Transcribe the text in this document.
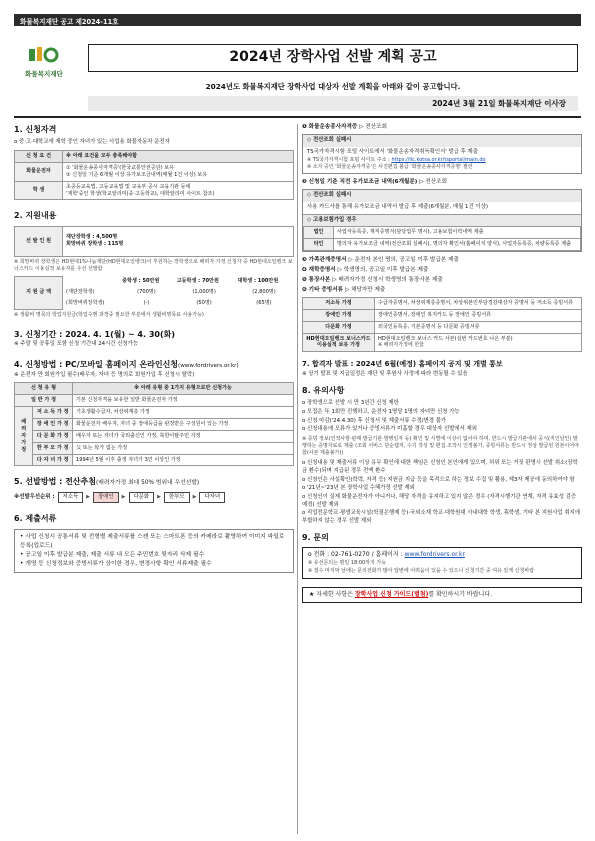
화물복지재단 공고 제2024-11호
화물복지재단
2024년 장학사업 선발 계획 공고
2024년도 화물복지재단 장학사업 대상자 선발 계획을 아래와 같이 공고합니다.
2024년 3월 21일 화물복지재단 이사장
1. 신청자격
o 중·고·대학교에 재학 중인 자녀가 있는 사업용 화물자동차 운전자
신 청 요 건	※ 아래 요건을 모두 충족해야함
화물운전자	① '화물운송종사자격증'(한국교통안전공단) 보유
② 신청일 기준 6개월 이상 유가보조금내역(매월 1건 이상) 보유

학 생	초중등교육법, 고등교육법 및 교육부 공시 교육기관 등에
'재학'중인 학생(학교알리미(중·고등학교), 대학알리미 사이트 참조)
2. 지원내용
선 발 인 원	
재단장학생 : 4,500명
희망바퀴 장학생 : 115명
※ 희망바퀴 장학생은 HD현대1%나눔재단(HD현대오일뱅크)이 후원하는 장학생으로 배려자 가정 신청자 중 HD현대오일뱅크 보너스카드 이용실적 보유자를 우선 선발함
지 원 금 액		중학생 : 50만원	고등학생 : 70만원	대학생 : 100만원
	(재단장학생)	(700명)	(1,000명)	(2,800명)
	(희망바퀴장학생)	(-)	(50명)	(65명)
※ 생활비 명목의 학업지원금(학업수행 과정중 필요한 부분에서 생활비명목료 사용가능)
3. 신청기간 : 2024. 4. 1(월) ~ 4. 30(화)
※ 주말 및 공휴일 포함 신청 기간내 24시간 신청가능
4. 신청방법 : PC/모바일 홈페이지 온라인신청(www.fordrivers.or.kr)
※ 운전자 만 회원가입 필수(배우자, 자녀 등 명의로 회원가입 후 신청시 탈락)
신 청 유 형		※ 아래 유형 중 1가지 유형으로만 신청가능
일 반 가 정		기본 신청자격을 보유한 일반 화물운전자 가정
배 려 자 가 정	저 소 득 가 정	기초생활수급자, 차상위계층 가정
	장 애 인 가 정	화물운전자 배우자, 자녀 중 장애등급을 판정받은 구성원이 있는 가정
	다 문 화 가 정	배우자 또는 자녀가 국외출신인 가정, 북한이탈주민 가정
	한 부 모 가 정	父 또는 母가 없는 가정
	다 자 녀 가 정	1994년 5월 이후 출생 자녀가 3인 이상인 가정
5. 선발방법 : 전산추첨(배려자가정 최대 50% 범위내 우선선발)
※선발우선순위 :	저소득	▶	장애인	▶	다문화	▶	한부모	▶	다자녀
6. 제출서류
• 사업 신청시 공통서류 및 전형별 제출서류를 스캔 또는 스마트폰 등의 카메라로 촬영하여 이미지 파일로 등록(업로드)
• 공고일 이후 발급분 제출, 제출 서류 내 모든 주민번호 뒷자리 삭제 필수
• 개명 등 신청정보와 증빙서류가 상이한 경우, 변경사항 확인 서류제출 필수
❶ 화물운송종사자격증 ▷ 전산조회
◇ 전산조회 실패시
TS국가자격시험 포털 사이트에서 '화물운송자격취득확인서' 발급 후 제출
※ TS국가자격시험 포털 사이트 주소 : https://lic.kotsa.or.kr/tsportal/main.do
※ 소지 중인 '화물운송자격증'은 사진편집 불급 '화물운송종사자격증명' 필런
❷ 신청일 기준 직전 유가보조금 내역(6개월분) ▷ 전산조회
◇ 전산조회 실패시
사용 카드사를 통해 유가보조금 내역서 발급 후 제출(6개월분, 매월 1건 이상)
◇ 고용보험가입 경우
법인	사업자등록증, 재직증명서(담당업무 명시), 고용보험이력내역 제출
타인	명의자 유가보조금 내역(전산조회 실패시), 명의자 확인서(홈페이지 양식), 사업자등록증, 차량등록증 제출
❸ 가족관계증명서 ▷ 운전자 본인 명의, 공고일 이후 발급본 제출
❹ 재학증명서 ▷ 학생명의, 공고일 이후 발급본 제출
❺ 통장사본 ▷ 배려자가정 신청시 학생명의 통장사본 제출
❻ 기타 증빙서류 ▷ 해당자만 제출
저소득 가정	수급자증명서, 차상위계층증명서, 차상위본인부담경감대상자 증명서 등 저소득 증빙서류
장애인 가정	장애인증명서, 장애인 복지카드 등 장애인 증빙서류
다문화 가정	외국인등록증, 기본증명서 등 다문화 증빙서류
HD현대오일뱅크 보너스카드 이용실적 보유 가정	HD현대오일뱅크 보너스 카드 사본(실번 카드번호 나온 부분)
※ 배려자가정에 한함
7. 합격자 발표 : 2024년 6월(예정) 홈페이지 공지 및 개별 통보
※ 상기 발표 및 지급일정은 재단 및 후원사 사정에 따라 변동될 수 있음
8. 유의사항
o 장학생으로 선발 시 만 3년간 신청 제한
o 모집은 年 1회만 진행하고, 운전자 1명당 1명의 자녀만 신청 가능
o 신청 마감('24.4.30) 후 신청서 및 제출서류 수정/변경 불가
o 신청내용에 오류가 있거나 증빙서류가 미흡할 경우 대상자 선발에서 제외
※ 증빙 정보(인적사항·판매·발급기관·발행일자 등) 확인 및 식별에 이상이 없어야 하며, 반드시 발급기관에서 공식(직인날인) 발행하는 증명자료로 제출 (조회 서비스 단순캡처, 수기 작성 및 편집 조작시 인정불가, 증빙서류는 반드시 정상 발급된 원본이어야 함(사본 제출불가))
o 신청내용 및 제출서류 이상 유무 확인에 대한 책임은 신청인 본인에게 있으며, 허위 또는 거짓 판명시 선발 취소(장학금 환수)되며 지급된 경우 전액 환수
o 신청인은 사실확인(학력, 자격 등) 지원금 지급 등을 목적으로 하는 정보 수집 및 활용, 제3자 제공에 동의하여야 함
o '21년~'23년 본 장학사업 수혜가정 선발 제외
o 신청인이 실제 화물운전자가 아니거나, 해당 자격을 유지하고 있지 않은 경우 (자격시행기관 연계, 자격 유효성 검증 예정) 선발 제외
o 직업전문학교·평생교육시설(학점은행제 등)·국외소재 학교·대학원대 사내대학 학생, 휴학생, 기타 본 지원사업 취지에 부합하지 않는 경우 선발 제외
9. 문의
o 전화 : 02-761-0270 / 홈페이지 : www.fordrivers.or.kr
※ 유선문의는 평일 18:00까지 가능
※ 접수 마지막 날에는 문의전화가 많아 답변에 어려움이 있을 수 있으니 신청기간 중 여유 있게 신청바람
★ 자세한 사항은 장학사업 신청 가이드(별첨)를 확인하시기 바랍니다.
